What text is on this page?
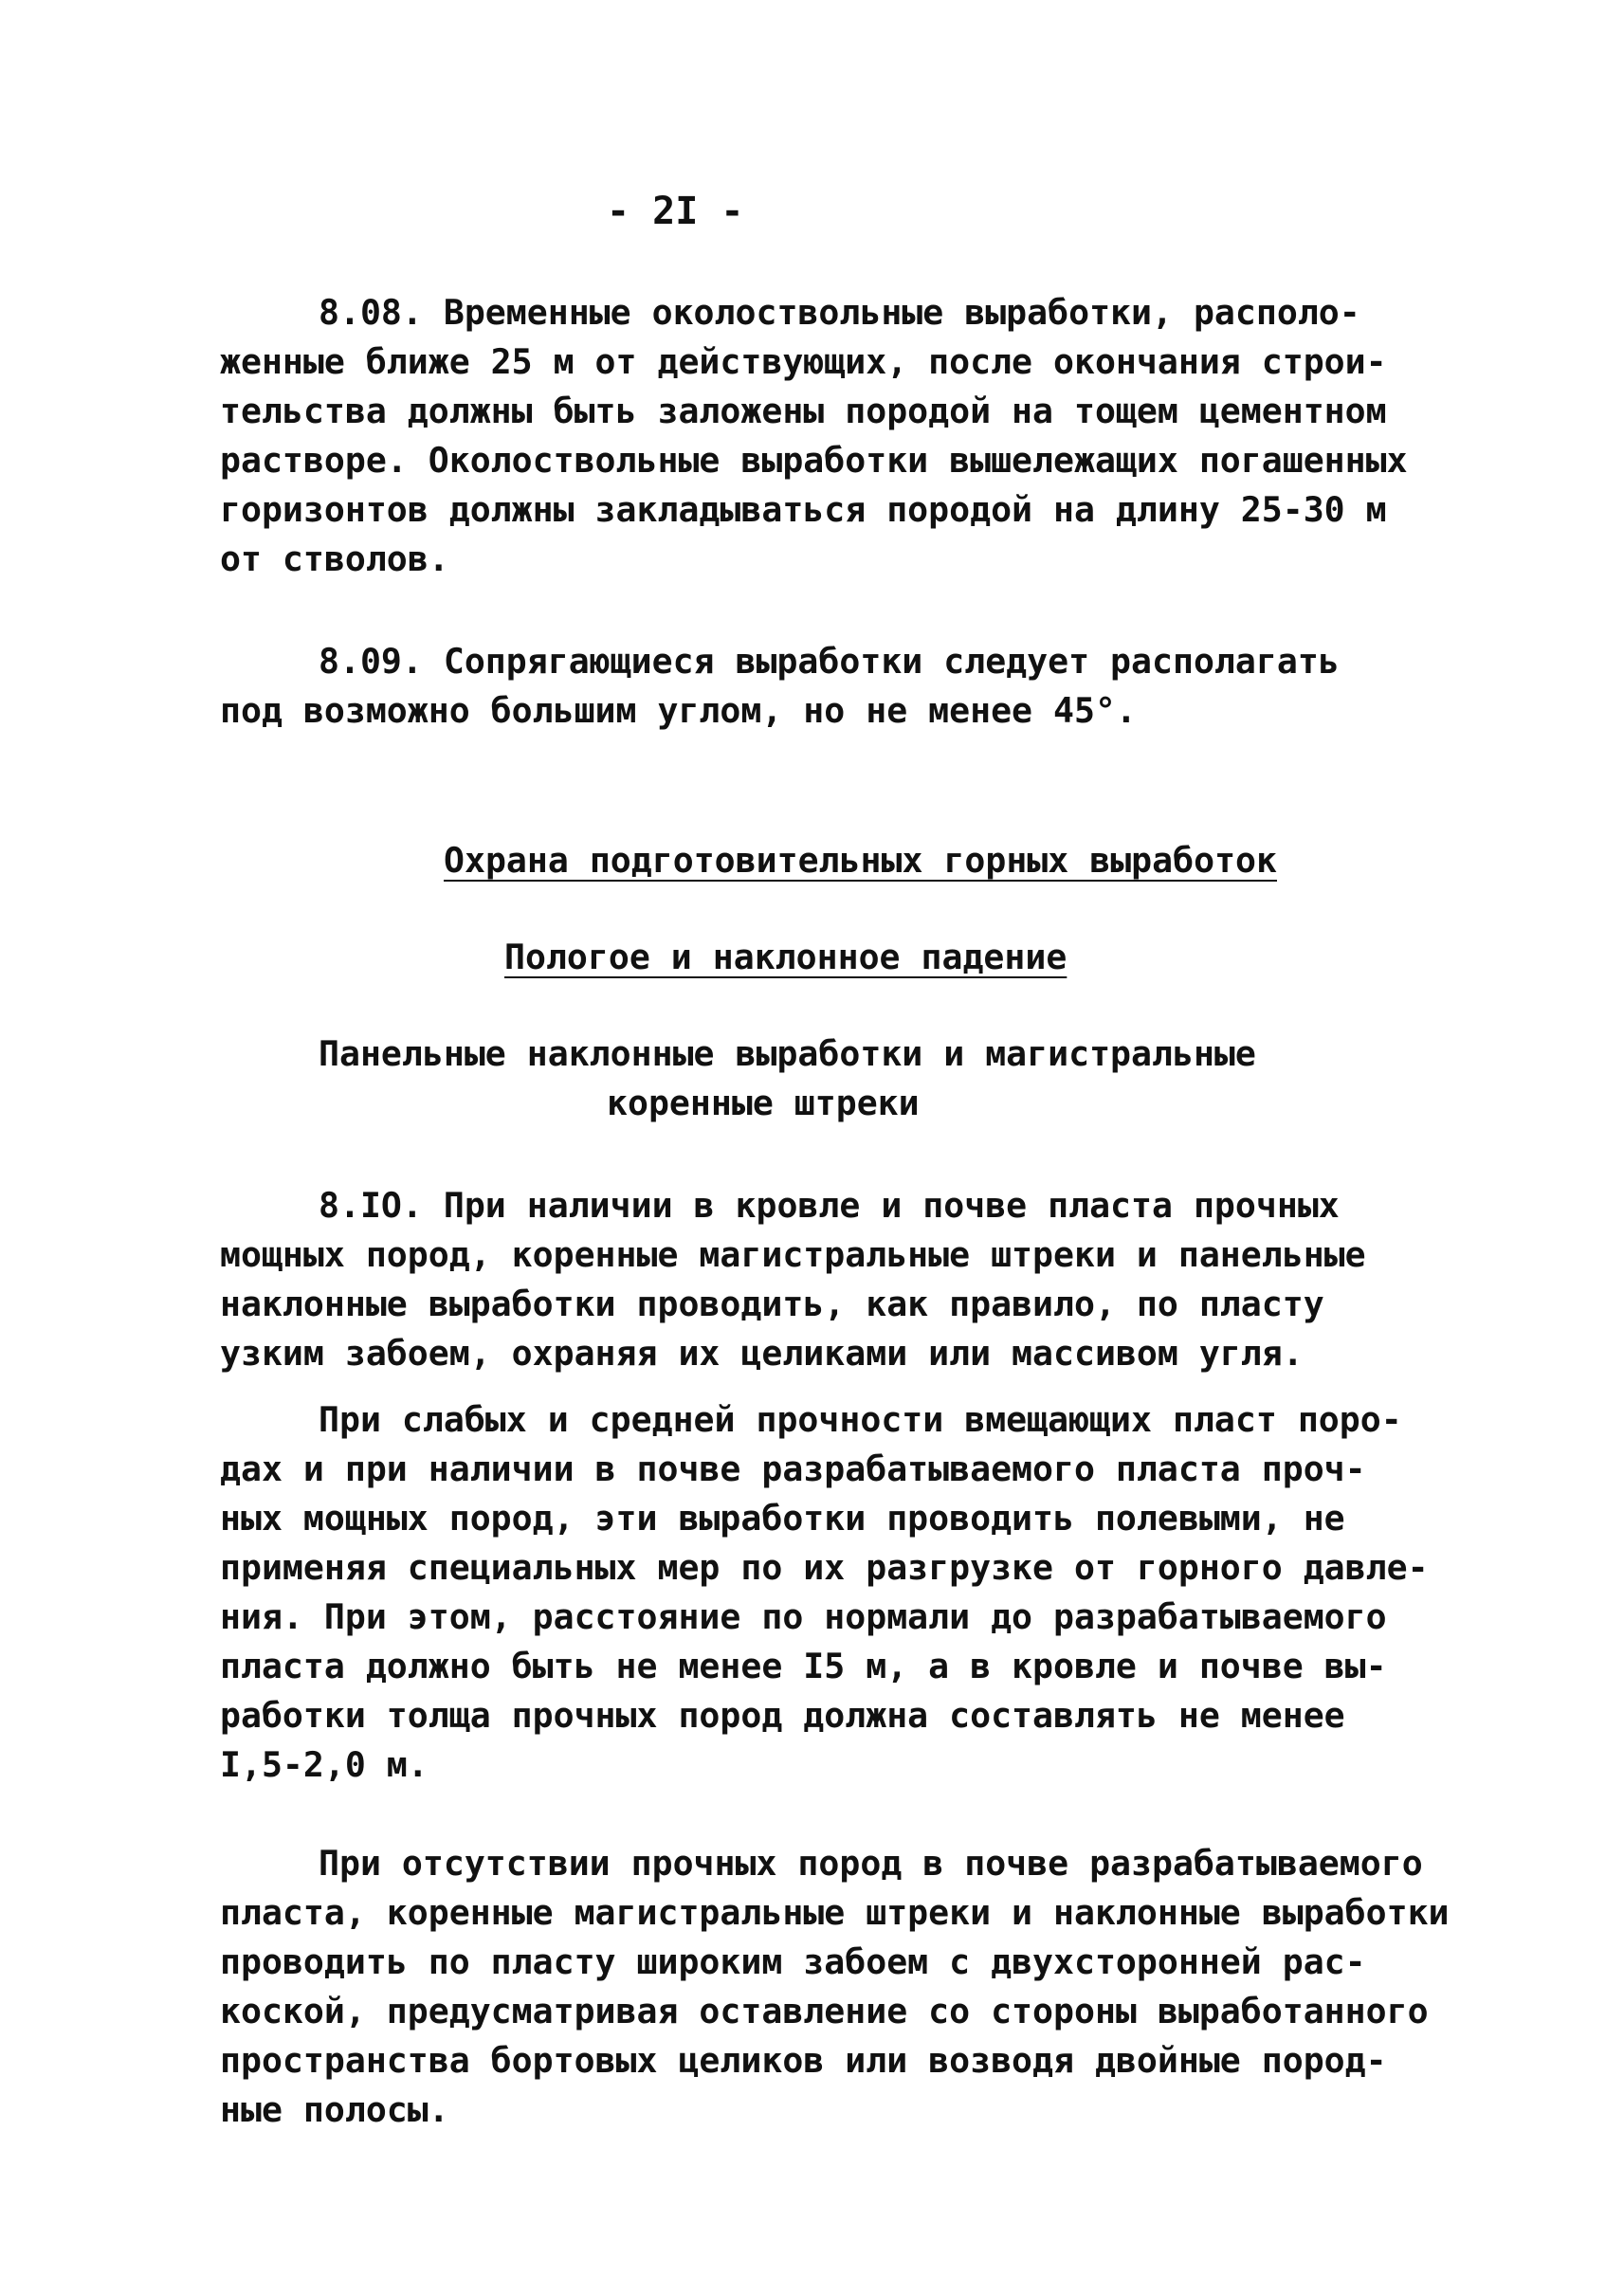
- 2I -
8.08. Временные околоствольные выработки, располо-
женные ближе 25 м от действующих, после окончания строи-
тельства должны быть заложены породой на тощем цементном
растворе. Околоствольные выработки вышележащих погашенных
горизонтов должны закладываться породой на длину 25-30 м
от стволов.
8.09. Сопрягающиеся выработки следует располагать
под возможно большим углом, но не менее 45°.
Охрана подготовительных горных выработок
Пологое и наклонное падение
Панельные наклонные выработки и магистральные
коренные штреки
8.IO. При наличии в кровле и почве пласта прочных
мощных пород, коренные магистральные штреки и панельные
наклонные выработки проводить, как правило, по пласту
узким забоем, охраняя их целиками или массивом угля.
При слабых и средней прочности вмещающих пласт поро-
дах и при наличии в почве разрабатываемого пласта проч-
ных мощных пород, эти выработки проводить полевыми, не
применяя специальных мер по их разгрузке от горного давле-
ния. При этом, расстояние по нормали до разрабатываемого
пласта должно быть не менее I5 м, а в кровле и почве вы-
работки толща прочных пород должна составлять не менее
I,5-2,0 м.
При отсутствии прочных пород в почве разрабатываемого
пласта, коренные магистральные штреки и наклонные выработки
проводить по пласту широким забоем с двухсторонней рас-
коской, предусматривая оставление со стороны выработанного
пространства бортовых целиков или возводя двойные пород-
ные полосы.
